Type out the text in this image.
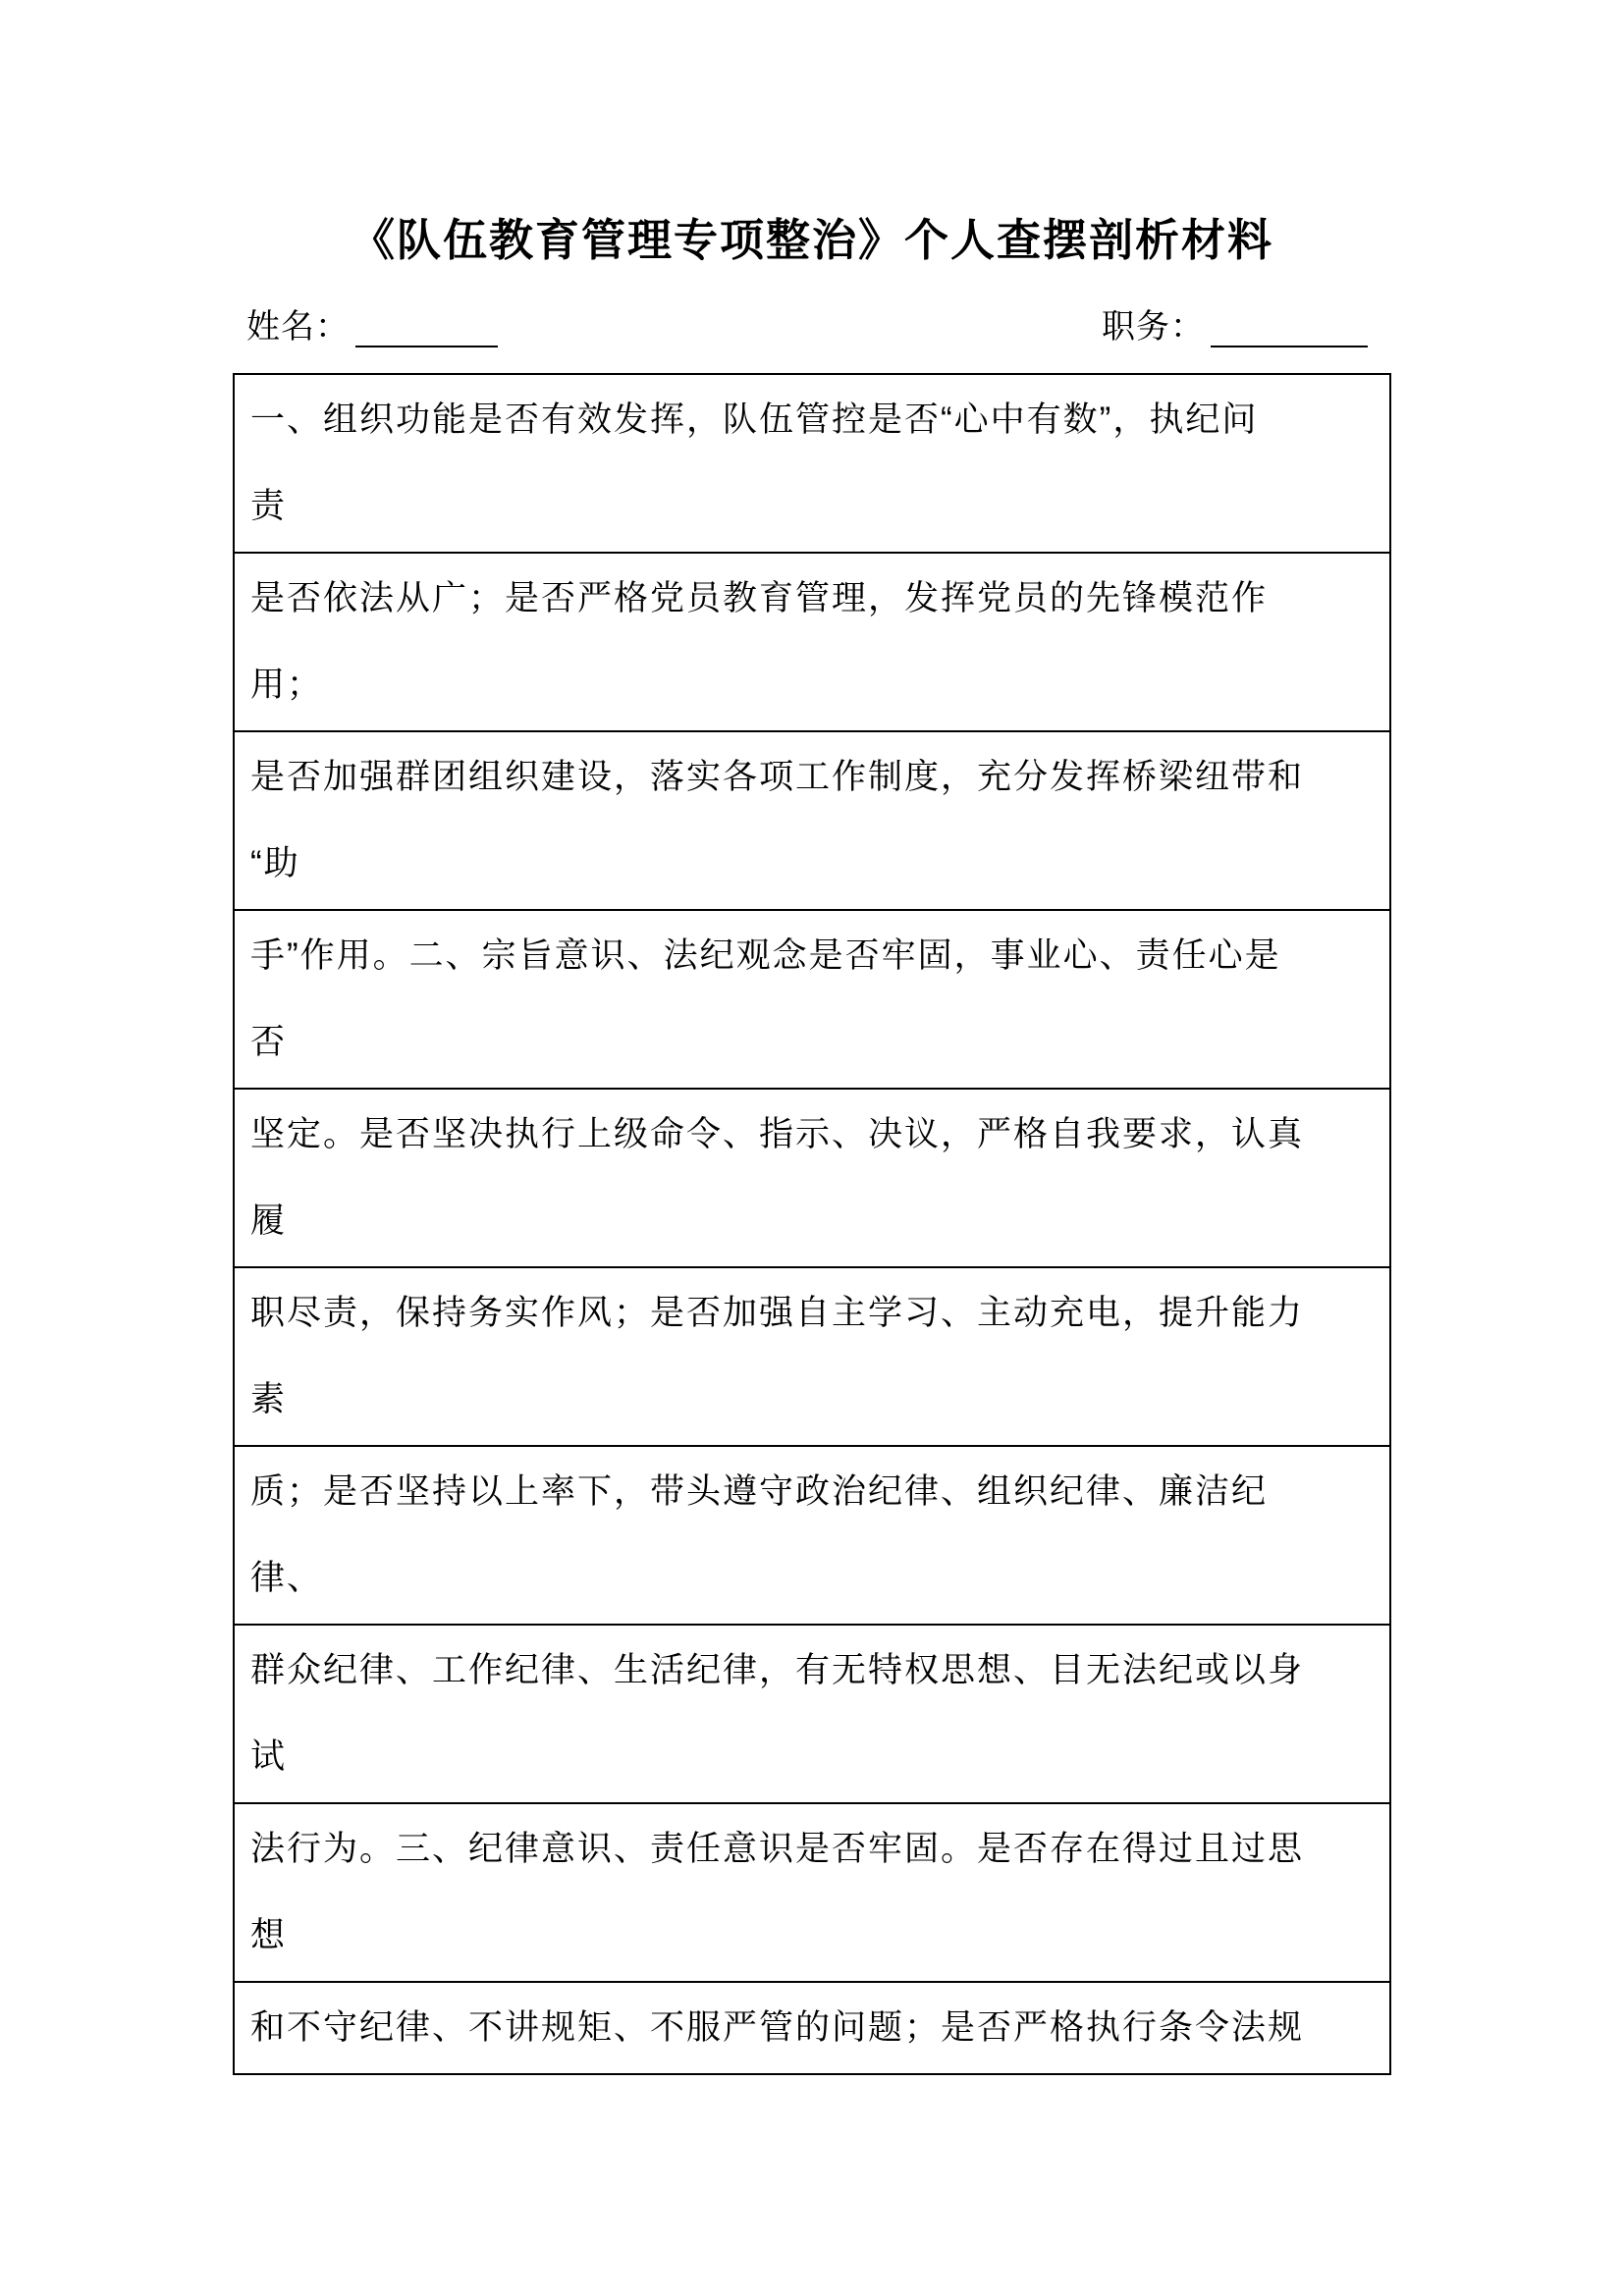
《队伍教育管理专项整治》个人查摆剖析材料
姓名：	职务：
一、组织功能是否有效发挥，队伍管控是否“心中有数”，执纪问
责

是否依法从广；是否严格党员教育管理，发挥党员的先锋模范作
用；

是否加强群团组织建设，落实各项工作制度，充分发挥桥梁纽带和
“助

手”作用。二、宗旨意识、法纪观念是否牢固，事业心、责任心是
否

坚定。是否坚决执行上级命令、指示、决议，严格自我要求，认真
履

职尽责，保持务实作风；是否加强自主学习、主动充电，提升能力
素

质；是否坚持以上率下，带头遵守政治纪律、组织纪律、廉洁纪
律、

群众纪律、工作纪律、生活纪律，有无特权思想、目无法纪或以身
试

法行为。三、纪律意识、责任意识是否牢固。是否存在得过且过思
想

和不守纪律、不讲规矩、不服严管的问题；是否严格执行条令法规
